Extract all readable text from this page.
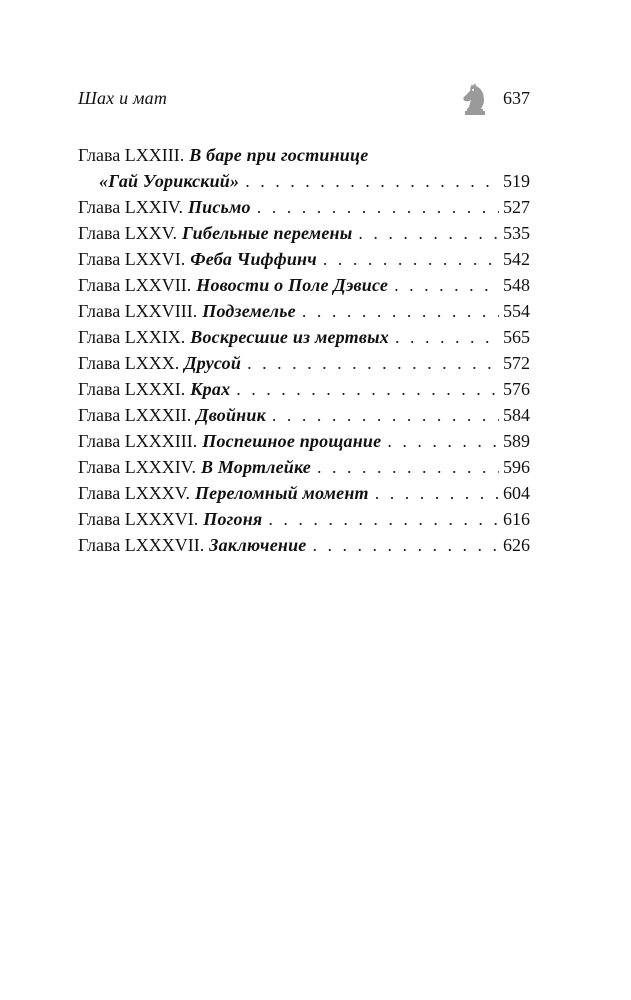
Шах и мат	637
Глава LXXIII. В баре при гостинице
«Гай Уорикский» . . .	519
Глава LXXIV. Письмо . . .	527
Глава LXXV. Гибельные перемены . . .	535
Глава LXXVI. Феба Чиффинч . . .	542
Глава LXXVII. Новости о Поле Дэвисе . . .	548
Глава LXXVIII. Подземелье . . .	554
Глава LXXIX. Воскресшие из мертвых . . .	565
Глава LXXX. Друсой . . .	572
Глава LXXXI. Крах . . .	576
Глава LXXXII. Двойник . . .	584
Глава LXXXIII. Поспешное прощание . . .	589
Глава LXXXIV. В Мортлейке . . .	596
Глава LXXXV. Переломный момент . . .	604
Глава LXXXVI. Погоня . . .	616
Глава LXXXVII. Заключение . . .	626
